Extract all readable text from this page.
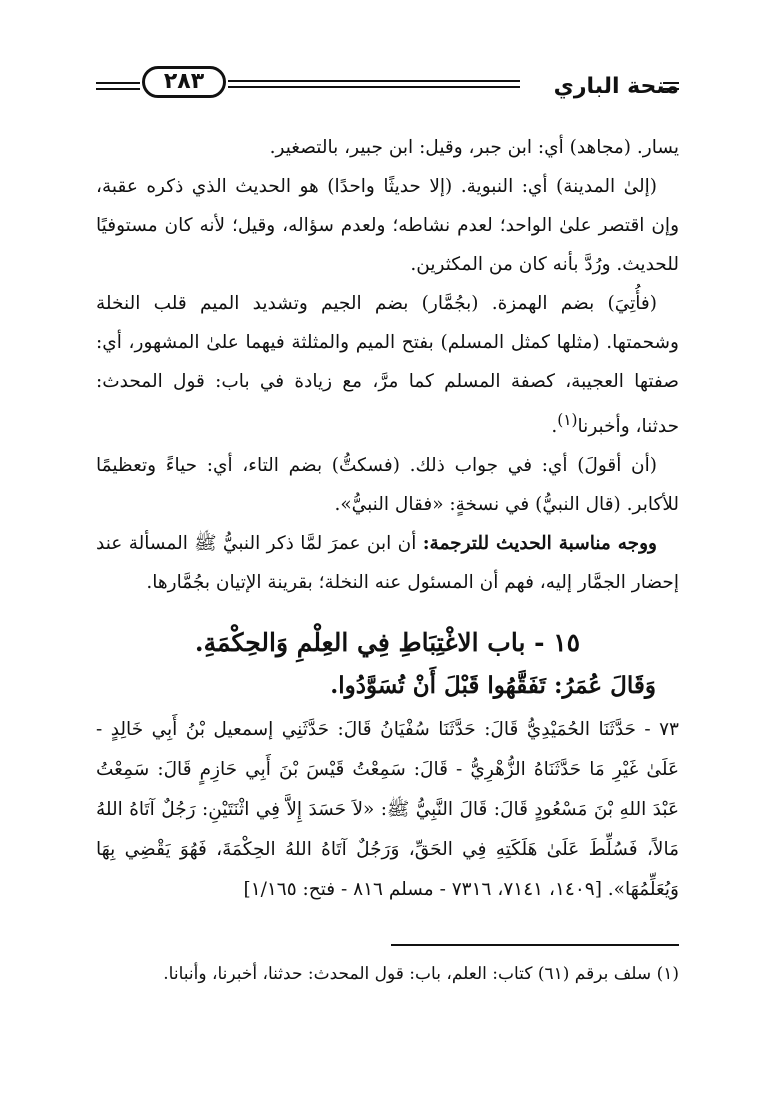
٢٨٣	منحة الباري

يسار. (مجاهد) أي: ابن جبر، وقيل: ابن جبير، بالتصغير.

(إلىٰ المدينة) أي: النبوية. (إلا حديثًا واحدًا) هو الحديث الذي ذكره عقبة، وإن اقتصر علىٰ الواحد؛ لعدم نشاطه؛ ولعدم سؤاله، وقيل؛ لأنه كان مستوفيًا للحديث. ورُدَّ بأنه كان من المكثرين.

(فأُتِيَ) بضم الهمزة. (بجُمَّار) بضم الجيم وتشديد الميم قلب النخلة وشحمتها. (مثلها كمثل المسلم) بفتح الميم والمثلثة فيهما علىٰ المشهور، أي: صفتها العجيبة، كصفة المسلم كما مرَّ، مع زيادة في باب: قول المحدث: حدثنا، وأخبرنا$^{(١)}$.

(أن أقولَ) أي: في جواب ذلك. (فسكتُّ) بضم التاء، أي: حياءً وتعظيمًا للأكابر. (قال النبيُّ) في نسخةٍ: «فقال النبيُّ».

ووجه مناسبة الحديث للترجمة: أن ابن عمرَ لمَّا ذكر النبيُّ ﷺ المسألة عند إحضار الجمَّار إليه، فهم أن المسئول عنه النخلة؛ بقرينة الإتيان بجُمَّارها.

١٥ - باب الاغْتِبَاطِ فِي العِلْمِ وَالحِكْمَةِ.
وَقَالَ عُمَرُ: تَفَقَّهُوا قَبْلَ أَنْ تُسَوَّدُوا.

٧٣ - حَدَّثَنَا الحُمَيْدِيُّ قَالَ: حَدَّثَنَا سُفْيَانُ قَالَ: حَدَّثَنِي إسمعيل بْنُ أَبِي خَالِدٍ - عَلَىٰ غَيْرِ مَا حَدَّثَنَاهُ الزُّهْرِيُّ - قَالَ: سَمِعْتُ قَيْسَ بْنَ أَبِي حَازِمٍ قَالَ: سَمِعْتُ عَبْدَ اللهِ بْنَ مَسْعُودٍ قَالَ: قَالَ النَّبِيُّ ﷺ: «لاَ حَسَدَ إِلاَّ فِي اثْنَتَيْنِ: رَجُلٌ آتَاهُ اللهُ مَالاً، فَسُلِّطَ عَلَىٰ هَلَكَتِهِ فِي الحَقِّ، وَرَجُلٌ آتَاهُ اللهُ الحِكْمَةَ، فَهُوَ يَقْضِي بِهَا وَيُعَلِّمُهَا». [١٤٠٩، ٧١٤١، ٧٣١٦ - مسلم ٨١٦ - فتح: ١/١٦٥]

(١) سلف برقم (٦١) كتاب: العلم، باب: قول المحدث: حدثنا، أخبرنا، وأنبانا.
